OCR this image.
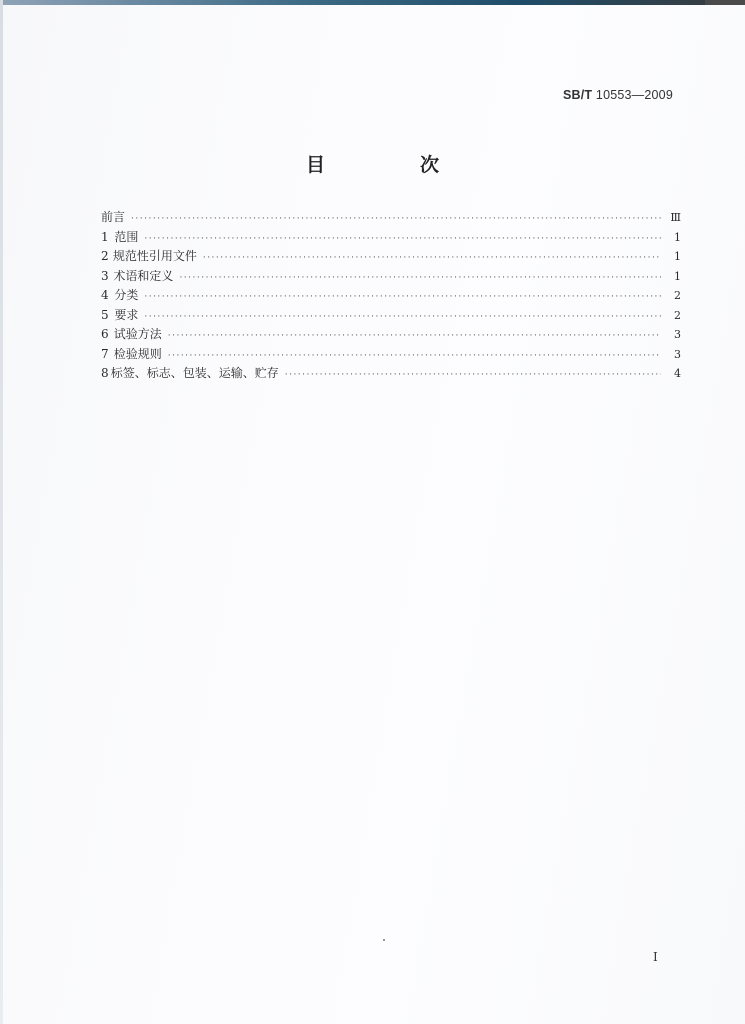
SB/T 10553—2009
目　次
前言 ·····	Ⅲ
1 范围 ·····	1
2 规范性引用文件 ·····	1
3 术语和定义 ·····	1
4 分类 ·····	2
5 要求 ·····	2
6 试验方法 ·····	3
7 检验规则 ·····	3
8 标签、标志、包装、运输、贮存 ·····	4
I
